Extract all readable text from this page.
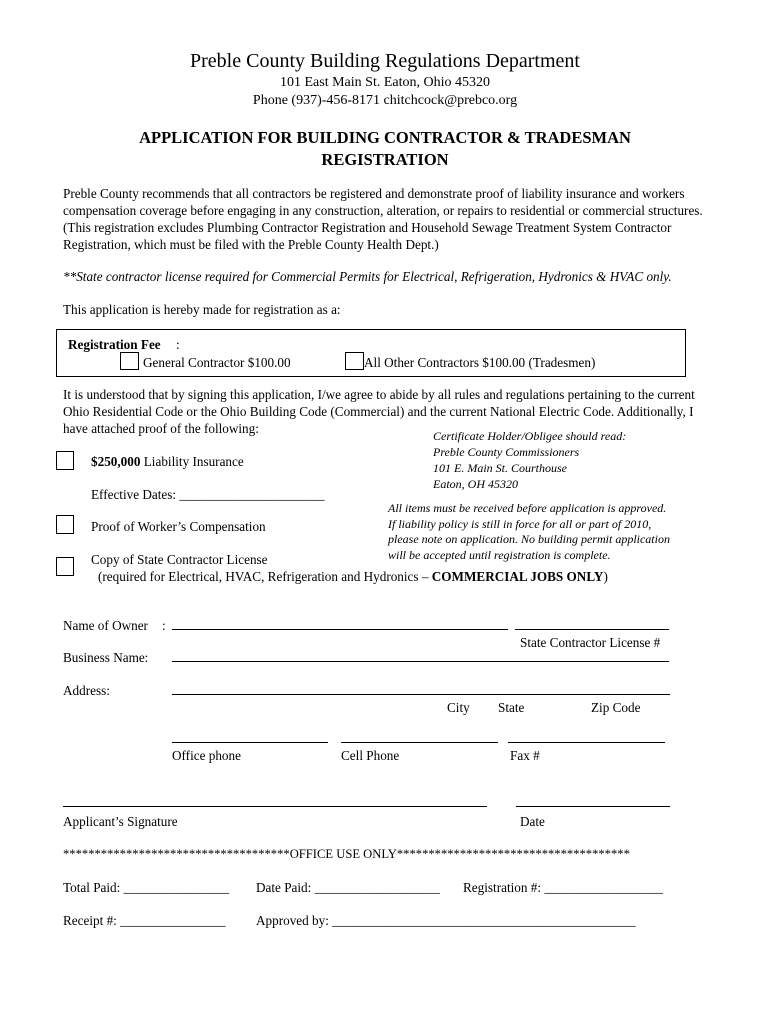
Preble County Building Regulations Department
101 East Main St. Eaton, Ohio 45320
Phone (937)-456-8171 chitchcock@prebco.org
APPLICATION FOR BUILDING CONTRACTOR & TRADESMAN
REGISTRATION
Preble County recommends that all contractors be registered and demonstrate proof of liability insurance and workers compensation coverage before engaging in any construction, alteration, or repairs to residential or commercial structures. (This registration excludes Plumbing Contractor Registration and Household Sewage Treatment System Contractor Registration, which must be filed with the Preble County Health Dept.)
**State contractor license required for Commercial Permits for Electrical, Refrigeration, Hydronics & HVAC only.
This application is hereby made for registration as a:
Registration Fee :
General Contractor $100.00	All Other Contractors $100.00 (Tradesmen)
It is understood that by signing this application, I/we agree to abide by all rules and regulations pertaining to the current Ohio Residential Code or the Ohio Building Code (Commercial) and the current National Electric Code. Additionally, I have attached proof of the following:	Certificate Holder/Obligee should read:
Preble County Commissioners
101 E. Main St. Courthouse
Eaton, OH 45320
$250,000 Liability Insurance
Effective Dates: ______________________
All items must be received before application is approved.
If liability policy is still in force for all or part of 2010,
please note on application. No building permit application
will be accepted until registration is complete.
Proof of Worker’s Compensation
Copy of State Contractor License
(required for Electrical, HVAC, Refrigeration and Hydronics – COMMERCIAL JOBS ONLY)
Name of Owner :
State Contractor License #
Business Name:
Address:
City State	Zip Code
Office phone	Cell Phone	Fax #
Applicant’s Signature	Date
************************************OFFICE USE ONLY*************************************
Total Paid: ________________ Date Paid: ___________________ Registration #: __________________
Receipt #: ________________ Approved by: ______________________________________________
